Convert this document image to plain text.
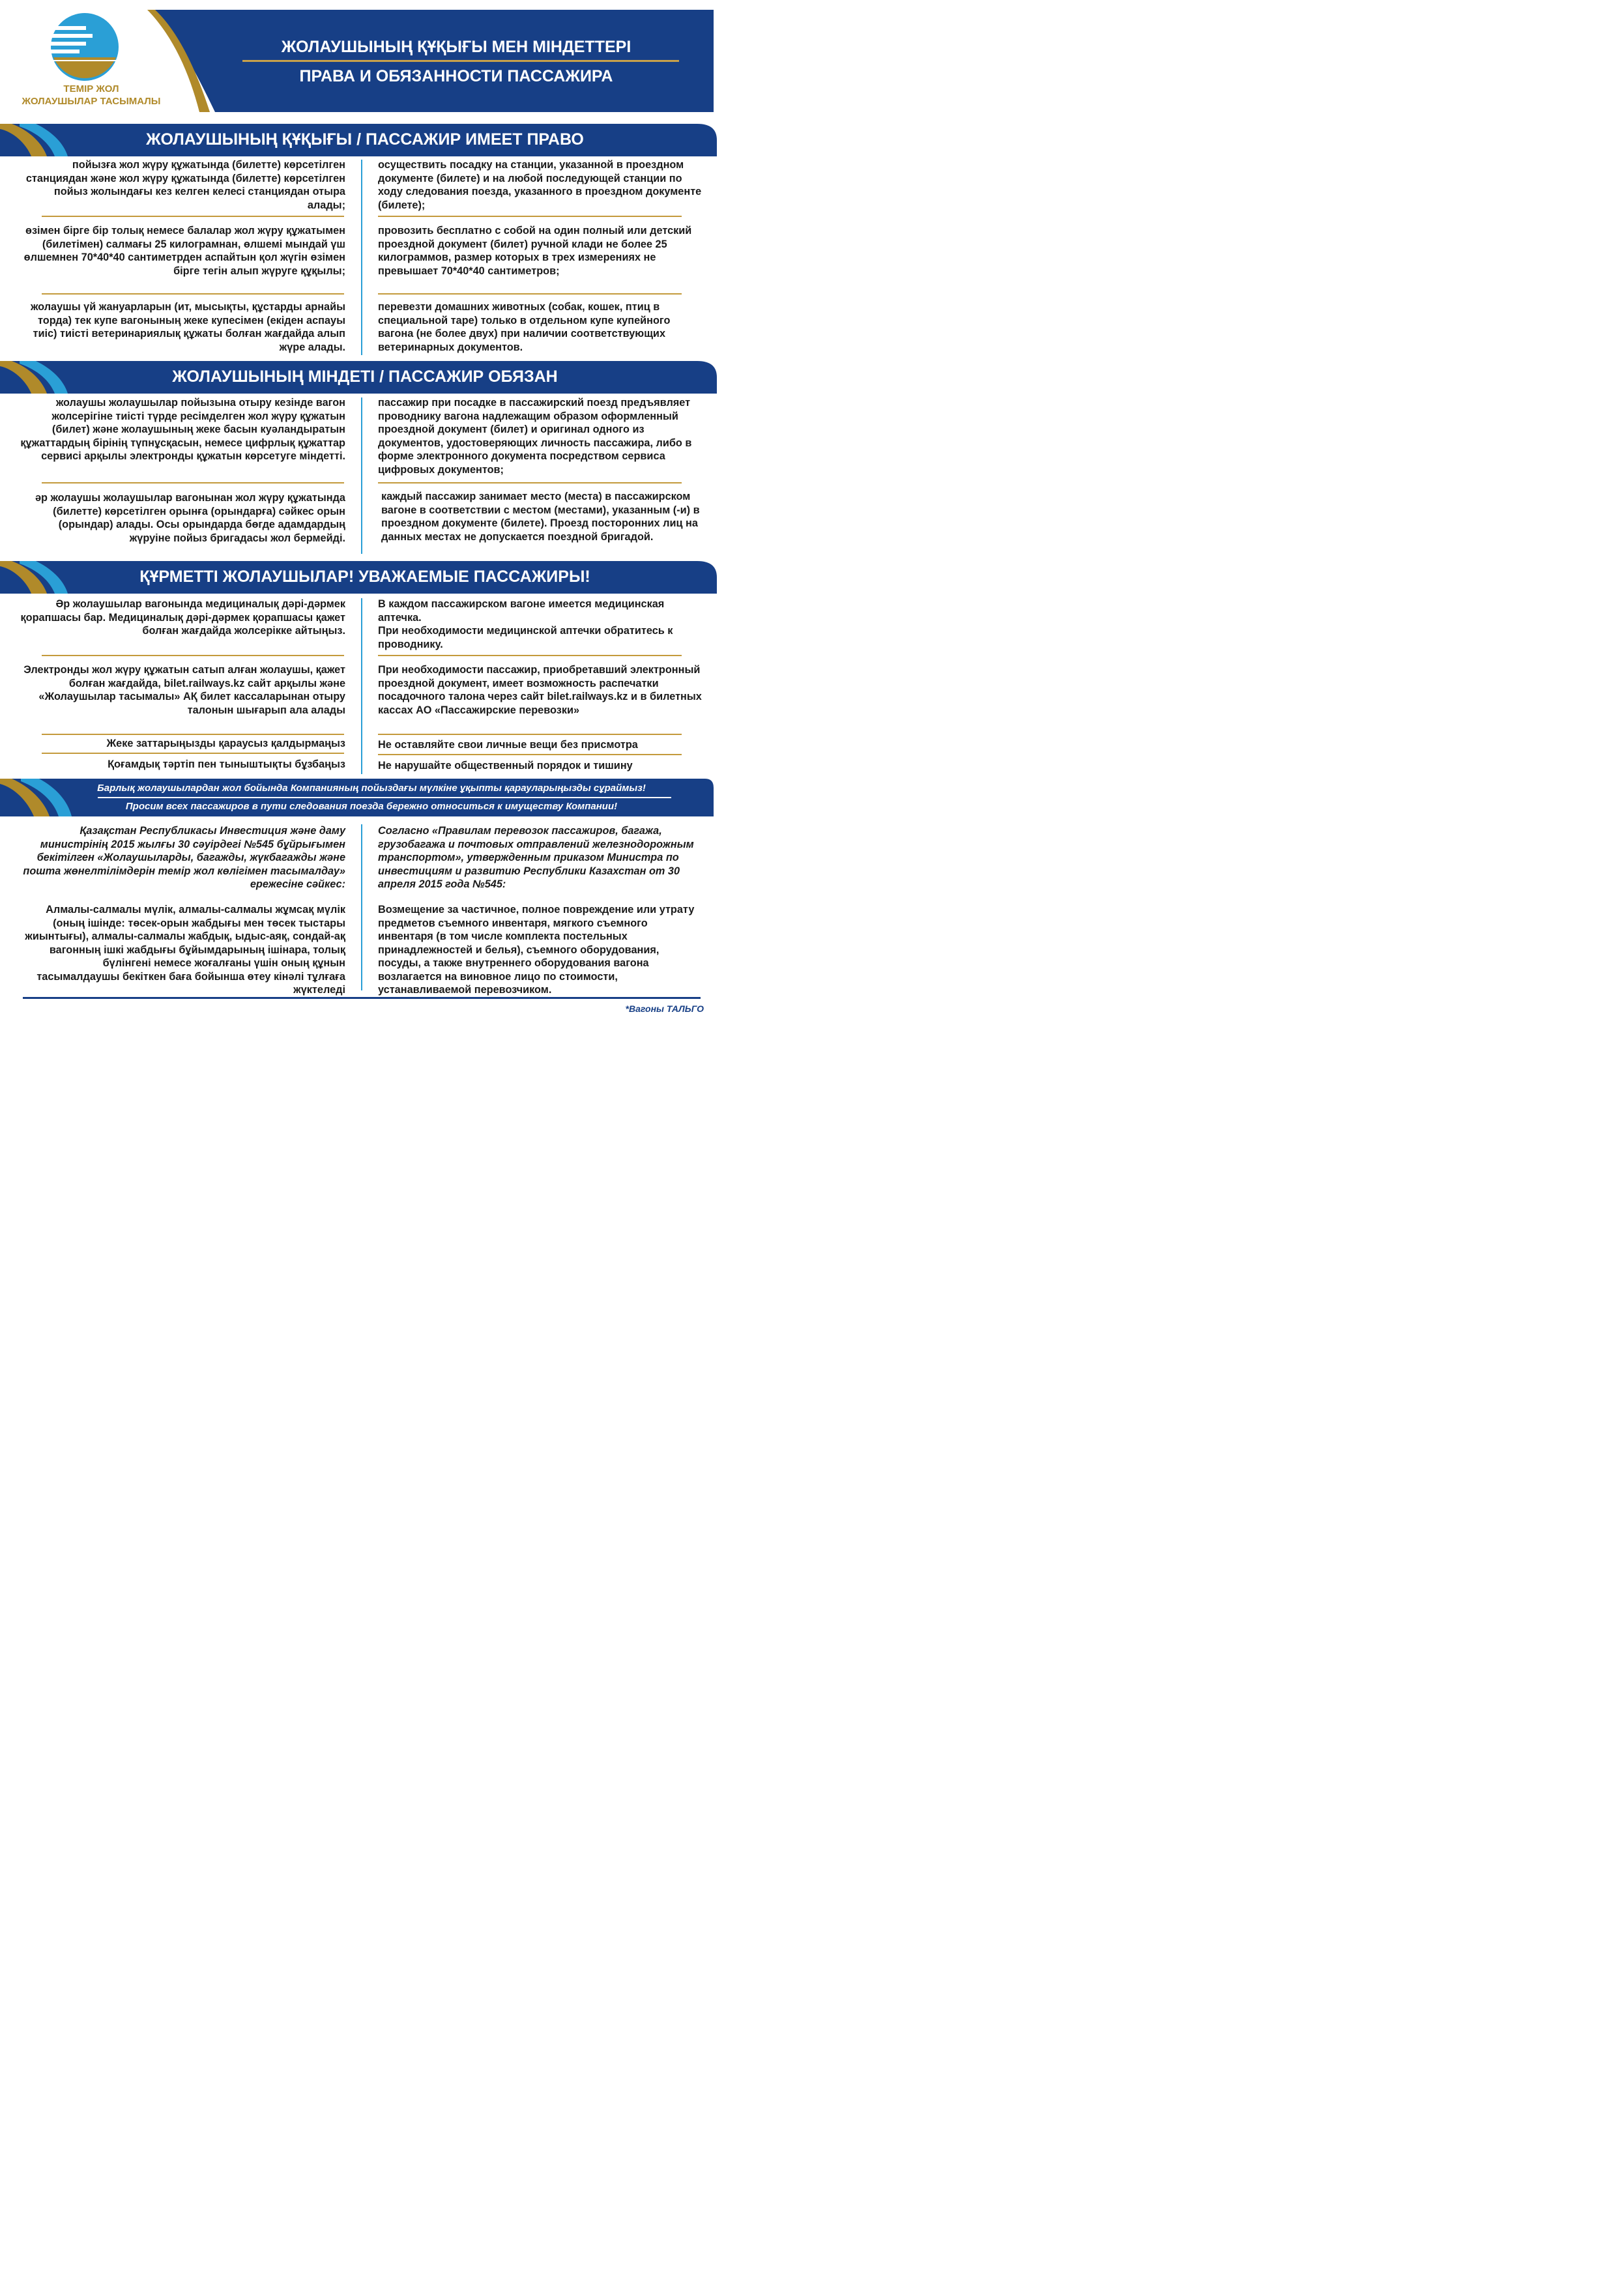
ТЕМІР ЖОЛ
ЖОЛАУШЫЛАР ТАСЫМАЛЫ
ЖОЛАУШЫНЫҢ ҚҰҚЫҒЫ МЕН МІНДЕТТЕРІ
ПРАВА И ОБЯЗАННОСТИ ПАССАЖИРА
ЖОЛАУШЫНЫҢ ҚҰҚЫҒЫ / ПАССАЖИР ИМЕЕТ ПРАВО
пойызға жол жүру құжатында (билетте) көрсетілген станциядан және жол жүру құжатында (билетте) көрсетілген пойыз жолындағы кез келген келесі станциядан отыра алады;
осуществить посадку на станции, указанной в проездном документе (билете) и на любой последующей станции по ходу следования поезда, указанного в проездном документе (билете);
өзімен бірге бір толық немесе балалар жол жүру құжатымен (билетімен) салмағы 25 килограмнан, өлшемі мындай үш өлшемнен 70*40*40 сантиметрден аспайтын қол жүгін өзімен бірге тегін алып жүруге құқылы;
провозить бесплатно с собой на один полный или детский проездной документ (билет) ручной клади не более 25 килограммов, размер которых в трех измерениях не превышает 70*40*40 сантиметров;
жолаушы үй жануарларын (ит, мысықты, құстарды арнайы торда) тек купе вагонының жеке купесімен (екіден аспауы тиіс) тиісті ветеринариялық құжаты болған жағдайда алып жүре алады.
перевезти домашних животных (собак, кошек, птиц в специальной таре) только в отдельном купе купейного вагона (не более двух) при наличии соответствующих ветеринарных документов.
ЖОЛАУШЫНЫҢ МІНДЕТІ / ПАССАЖИР ОБЯЗАН
жолаушы жолаушылар пойызына отыру кезінде вагон жолсерігіне тиісті түрде ресімделген жол жүру құжатын (билет) және жолаушының жеке басын куәландыратын құжаттардың бірінің түпнұсқасын, немесе цифрлық құжаттар сервисі арқылы электронды құжатын көрсетуге міндетті.
пассажир при посадке в пассажирский поезд предъявляет проводнику вагона надлежащим образом оформленный проездной документ (билет) и оригинал одного из документов, удостоверяющих личность пассажира, либо в форме электронного документа посредством сервиса цифровых документов;
әр жолаушы жолаушылар вагонынан жол жүру құжатында (билетте) көрсетілген орынға (орындарға) сәйкес орын (орындар) алады. Осы орындарда бөгде адамдардың жүруіне пойыз бригадасы жол бермейді.
каждый пассажир занимает место (места) в пассажирском вагоне в соответствии с местом (местами), указанным (-и) в проездном документе (билете). Проезд посторонних лиц на данных местах не допускается поездной бригадой.
ҚҰРМЕТТІ ЖОЛАУШЫЛАР! УВАЖАЕМЫЕ ПАССАЖИРЫ!
Әр жолаушылар вагонында медициналық дәрі-дәрмек қорапшасы бар. Медициналық дәрі-дәрмек қорапшасы қажет болған жағдайда жолсерікке айтыңыз.
В каждом пассажирском вагоне имеется медицинская аптечка.
При необходимости медицинской аптечки обратитесь к проводнику.
Электронды жол жүру құжатын сатып алған жолаушы, қажет болған жағдайда, bilet.railways.kz сайт арқылы және «Жолаушылар тасымалы» АҚ билет кассаларынан отыру талонын шығарып ала алады
При необходимости пассажир, приобретавший электронный проездной документ, имеет возможность распечатки посадочного талона через сайт bilet.railways.kz и в билетных кассах АО «Пассажирские перевозки»
Жеке заттарыңызды қараусыз қалдырмаңыз	Не оставляйте свои личные вещи без присмотра
Қоғамдық тәртіп пен тыныштықты бұзбаңыз	Не нарушайте общественный порядок и тишину
Барлық жолаушылардан жол бойында Компанияның пойыздағы мүлкіне ұқыпты қарауларыңызды сұраймыз!
Просим всех пассажиров в пути следования поезда бережно относиться к имуществу Компании!
Қазақстан Республикасы Инвестиция және даму министрінің 2015 жылғы 30 сәуірдегі №545 бұйрығымен бекітілген «Жолаушыларды, багажды, жүкбагажды және пошта жөнелтілімдерін темір жол көлігімен тасымалдау» ережесіне сәйкес:
Согласно «Правилам перевозок пассажиров, багажа, грузобагажа и почтовых отправлений железнодорожным транспортом», утвержденным приказом Министра по инвестициям и развитию Республики Казахстан от 30 апреля 2015 года №545:
Алмалы-салмалы мүлік, алмалы-салмалы жұмсақ мүлік (оның ішінде: төсек-орын жабдығы мен төсек тыстары жиынтығы), алмалы-салмалы жабдық, ыдыс-аяқ, сондай-ақ вагонның ішкі жабдығы бұйымдарының ішінара, толық бүлінгені немесе жоғалғаны үшін оның құнын тасымалдаушы бекіткен баға бойынша өтеу кінәлі тұлғаға жүктеледі
Возмещение за частичное, полное повреждение или утрату предметов съемного инвентаря, мягкого съемного инвентаря (в том числе комплекта постельных принадлежностей и белья), съемного оборудования, посуды, а также внутреннего оборудования вагона возлагается на виновное лицо по стоимости, устанавливаемой перевозчиком.
*Вагоны ТАЛЬГО
